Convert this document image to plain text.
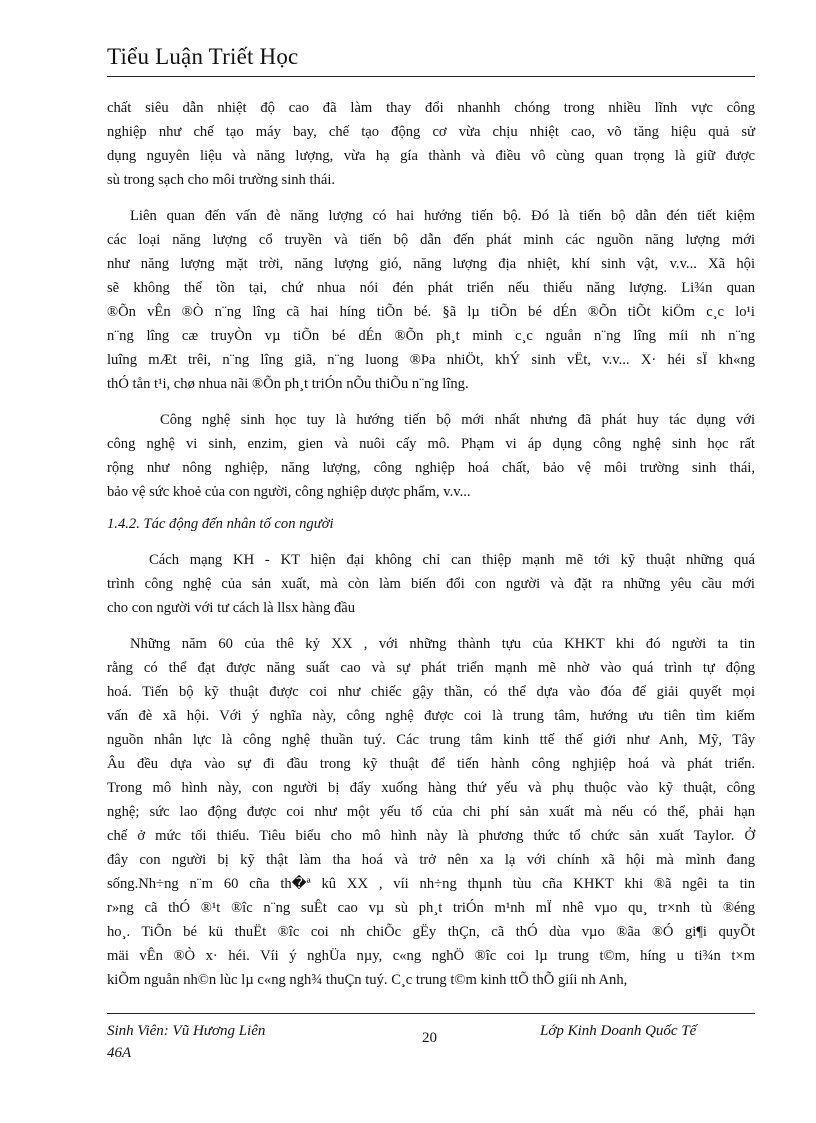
Tiểu Luận Triết Học
chất siêu dẫn nhiệt độ cao đã làm thay đổi nhanhh chóng trong nhiều lĩnh vực công
nghiệp như chế tạo máy bay, chế tạo động cơ vừa chịu nhiệt cao, võ tăng hiệu quả sử
dụng nguyên liệu và năng lượng, vừa hạ gía thành và điều vô cùng quan trọng là giữ được
sù trong sạch cho môi trường sinh thái.
Liên quan đến vấn đè năng lượng có hai hướng tiến bộ. Đó là tiến bộ dẫn đén tiết kiệm
các loại năng lượng cổ truyền và tiến bộ dẫn đến phát minh các nguồn năng lượng mới
như năng lượng mặt trời, năng lượng gió, năng lượng địa nhiệt, khí sinh vật, v.v... Xã hội
sẽ không thể tồn tại, chứ nhua nói đén phát triển nếu thiếu năng lượng. Li¾n quan
®Õn vÊn ®Ò n¨ng lîng cã hai híng tiÕn bé. §ã lµ tiÕn bé dÉn ®Õn tiÕt kiÖm c¸c lo¹i
n¨ng lîng cæ truyÒn vµ tiÕn bé dÉn ®Õn ph¸t minh c¸c nguån n¨ng lîng míi nh n¨ng
luîng mÆt trêi, n¨ng lîng giã, n¨ng luong ®Þa nhiÖt, khÝ sinh vËt, v.v... X· héi sÏ kh«ng
thÓ tån t¹i, chø nhua nãi ®Õn ph¸t triÓn nÕu thiÕu n¨ng lîng.
Công nghệ sinh học tuy là hướng tiến bộ mới nhất nhưng đã phát huy tác dụng với
công nghệ vi sinh, enzim, gien và nuôi cấy mô. Phạm vi áp dụng công nghệ sinh học rất
rộng như nông nghiệp, năng lượng, công nghiệp hoá chất, bảo vệ môi trường sinh thái,
bảo vệ sức khoẻ của con người, công nghiệp dược phẩm, v.v...
1.4.2. Tác động đến nhân tố con người
Cách mạng KH - KT hiện đại không chỉ can thiệp mạnh mẽ tới kỹ thuật những quá
trình công nghệ của sản xuất, mà còn làm biến đổi con người và đặt ra những yêu cầu mới
cho con người với tư cách là llsx hàng đầu
Những năm 60 của thê kỷ XX , với những thành tựu của KHKT khi đó người ta tin
rằng có thể đạt được năng suất cao và sự phát triển mạnh mẽ nhờ vào quá trình tự động
hoá. Tiến bộ kỹ thuật được coi như chiếc gậy thần, có thể dựa vào đóa để giải quyết mọi
vấn đè xã hội. Với ý nghĩa này, công nghệ được coi là trung tâm, hướng ưu tiên tìm kiếm
nguồn nhân lực là công nghệ thuần tuý. Các trung tâm kinh ttế thế giới như Anh, Mỹ, Tây
Âu đều dựa vào sự đi đầu trong kỹ thuật để tiến hành công nghjiệp hoá và phát triển.
Trong mô hình này, con người bị đẩy xuống hàng thứ yếu và phụ thuộc vào kỹ thuật, công
nghệ; sức lao động được coi như một yếu tố của chi phí sản xuất mà nếu có thể, phải hạn
chế ở mức tối thiểu. Tiêu biểu cho mô hình này là phương thức tổ chức sản xuất Taylor. Ở
đây con người bị kỹ thật làm tha hoá và trở nên xa lạ với chính xã hội mà mình đang
sống.Nh÷ng n¨m 60 cña th�ª kû XX , víi nh÷ng thµnh tùu cña KHKT khi ®ã ngêi ta tin
r»ng cã thÓ ®¹t ®îc n¨ng suÊt cao vµ sù ph¸t triÓn m¹nh mÏ nhê vµo qu¸ tr×nh tù ®éng
ho¸. TiÕn bé kü thuËt ®îc coi nh chiÕc gËy thÇn, cã thÓ dùa vµo ®ãa ®Ó gi¶i quyÕt
mäi vÊn ®Ò x· héi. Víi ý nghÜa nµy, c«ng nghÖ ®îc coi lµ trung t©m, híng u ti¾n t×m
kiÕm nguån nh©n lùc lµ c«ng ngh¾ thuÇn tuý. C¸c trung t©m kinh ttÕ thÕ giíi nh Anh,
Sinh Viên: Vũ Hương Liên
46A
20	Lớp Kinh Doanh Quốc Tế
